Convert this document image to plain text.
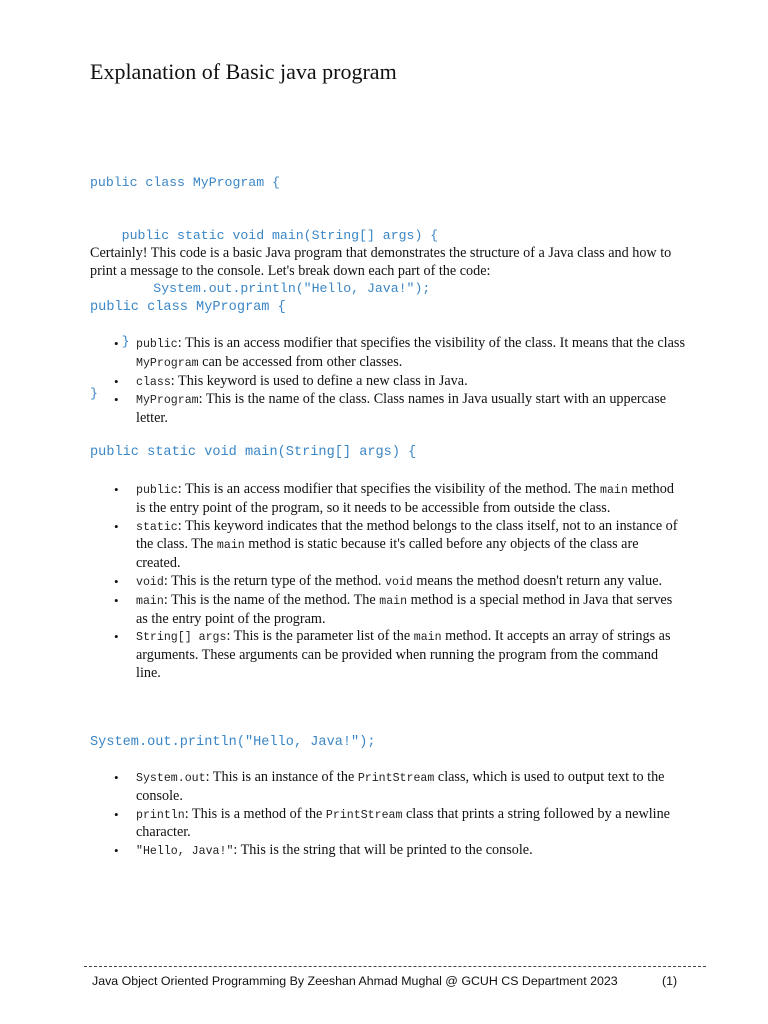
Explanation of Basic java program

public class MyProgram {

public static void main(String[] args) {

System.out.println("Hello, Java!");

}

}

Certainly! This code is a basic Java program that demonstrates the structure of a Java class and how to print a message to the console. Let's break down each part of the code:

public class MyProgram {
• public: This is an access modifier that specifies the visibility of the class. It means that the class MyProgram can be accessed from other classes.
• class: This keyword is used to define a new class in Java.
• MyProgram: This is the name of the class. Class names in Java usually start with an uppercase letter.
public static void main(String[] args) {
• public: This is an access modifier that specifies the visibility of the method. The main method is the entry point of the program, so it needs to be accessible from outside the class.
• static: This keyword indicates that the method belongs to the class itself, not to an instance of the class. The main method is static because it's called before any objects of the class are created.
• void: This is the return type of the method. void means the method doesn't return any value.
• main: This is the name of the method. The main method is a special method in Java that serves as the entry point of the program.
• String[] args: This is the parameter list of the main method. It accepts an array of strings as arguments. These arguments can be provided when running the program from the command line.
System.out.println("Hello, Java!");
• System.out: This is an instance of the PrintStream class, which is used to output text to the console.
• println: This is a method of the PrintStream class that prints a string followed by a newline character.
• "Hello, Java!": This is the string that will be printed to the console.
Java Object Oriented Programming By Zeeshan Ahmad Mughal @ GCUH CS Department 2023	(1)
